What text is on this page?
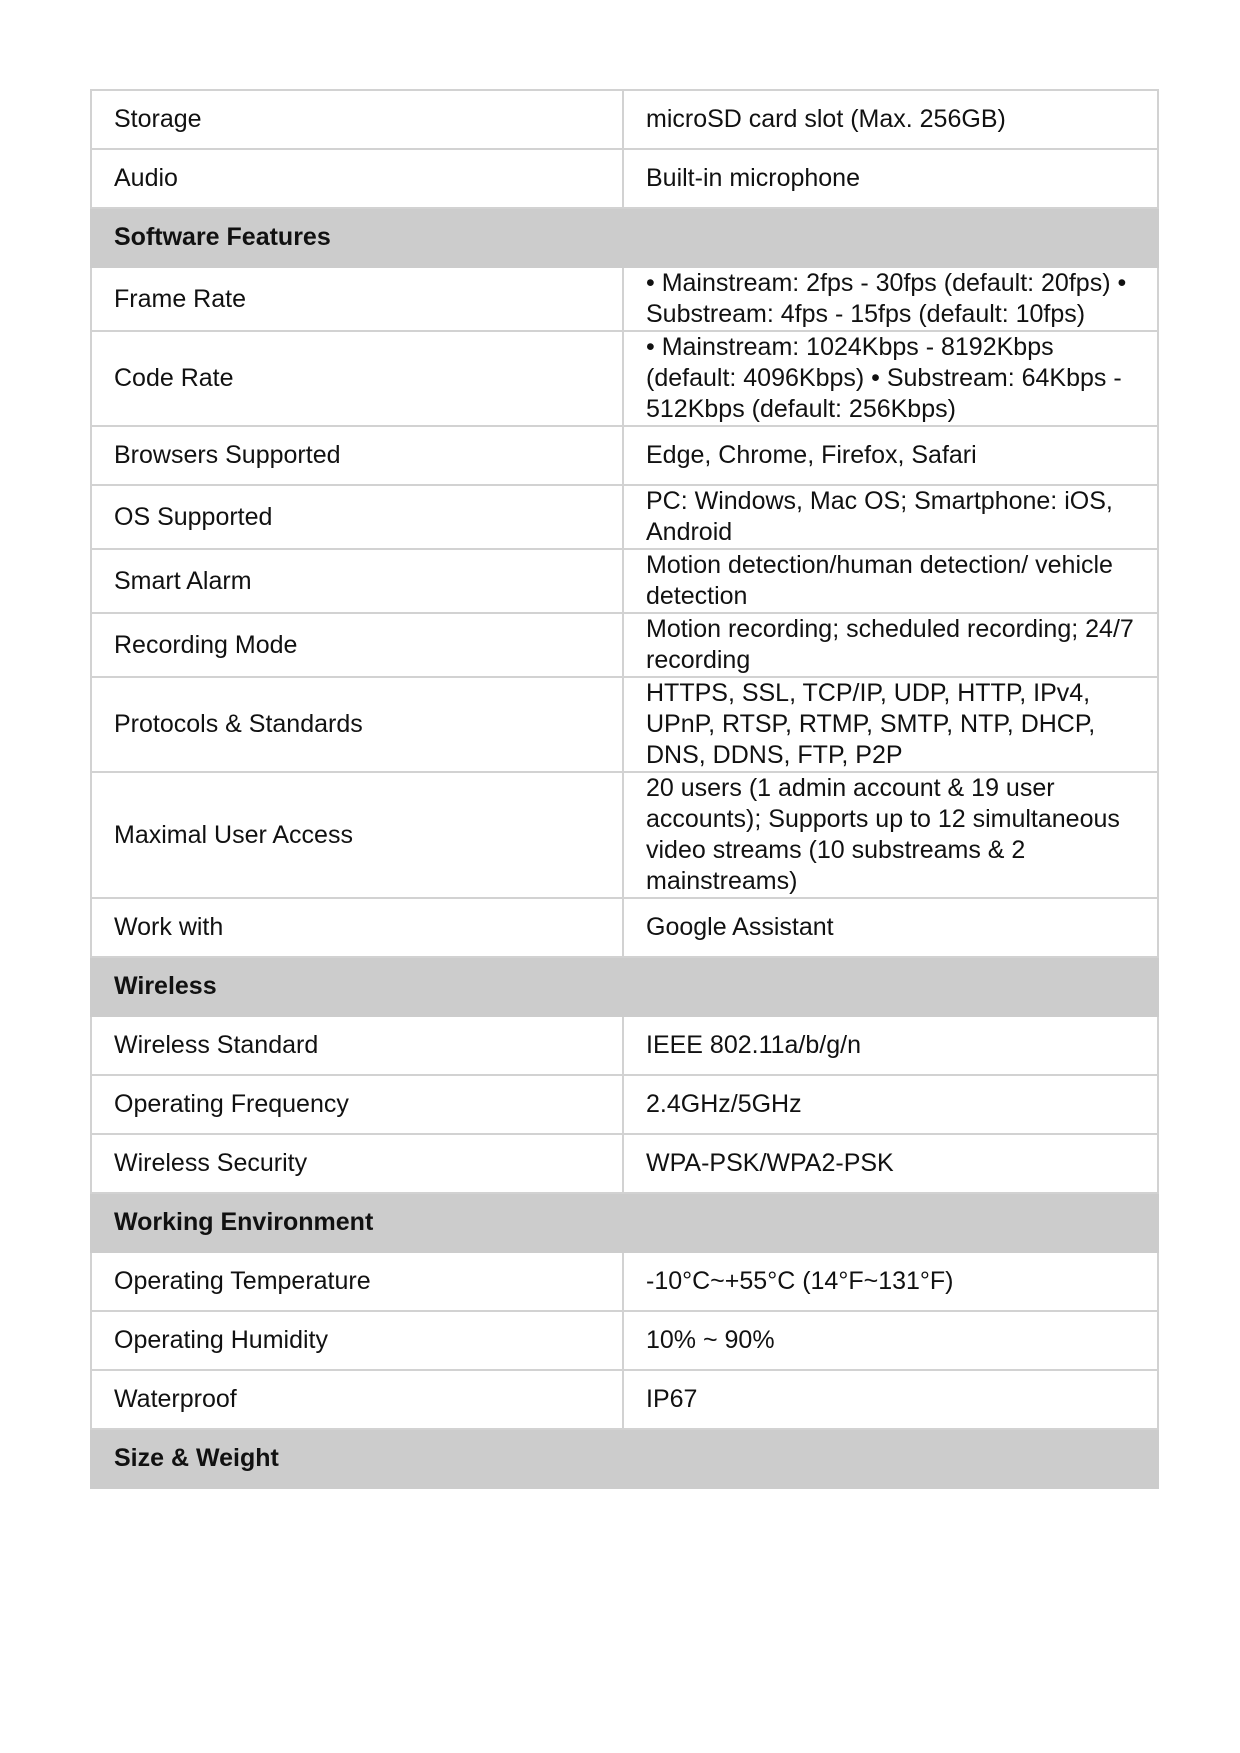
Storage	microSD card slot (Max. 256GB)
Audio	Built-in microphone
Software Features	
Frame Rate	• Mainstream: 2fps - 30fps (default: 20fps) • Substream: 4fps - 15fps (default: 10fps)
Code Rate	• Mainstream: 1024Kbps - 8192Kbps (default: 4096Kbps) • Substream: 64Kbps - 512Kbps (default: 256Kbps)
Browsers Supported	Edge, Chrome, Firefox, Safari
OS Supported	PC: Windows, Mac OS; Smartphone: iOS, Android
Smart Alarm	Motion detection/human detection/ vehicle detection
Recording Mode	Motion recording; scheduled recording; 24/7 recording
Protocols & Standards	HTTPS, SSL, TCP/IP, UDP, HTTP, IPv4, UPnP, RTSP, RTMP, SMTP, NTP, DHCP, DNS, DDNS, FTP, P2P
Maximal User Access	20 users (1 admin account & 19 user accounts); Supports up to 12 simultaneous video streams (10 substreams & 2 mainstreams)
Work with	Google Assistant
Wireless	
Wireless Standard	IEEE 802.11a/b/g/n
Operating Frequency	2.4GHz/5GHz
Wireless Security	WPA-PSK/WPA2-PSK
Working Environment	
Operating Temperature	-10°C~+55°C (14°F~131°F)
Operating Humidity	10% ~ 90%
Waterproof	IP67
Size & Weight	
